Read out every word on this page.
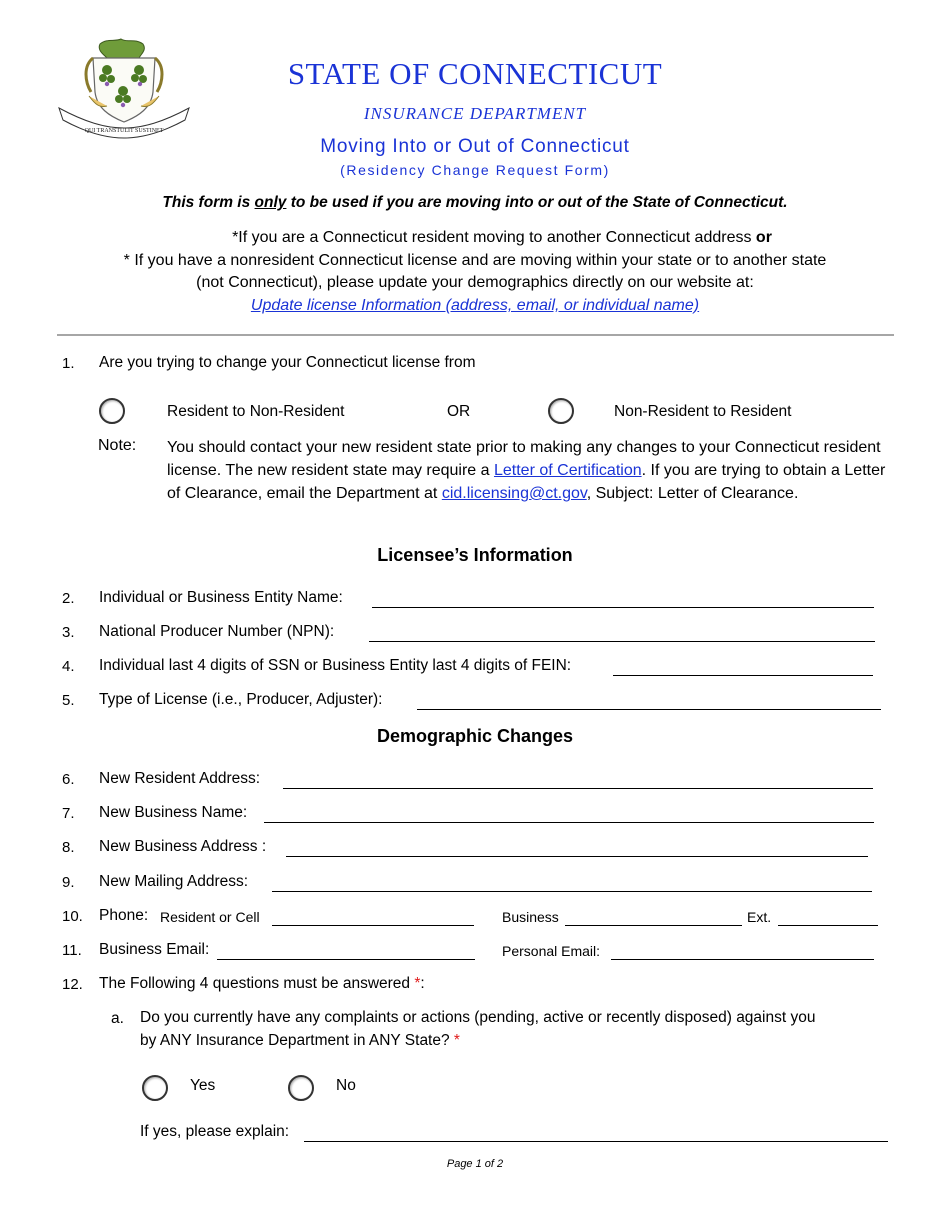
QUI TRANSTULIT SUSTINET
STATE OF CONNECTICUT
INSURANCE DEPARTMENT
Moving Into or Out of Connecticut
(Residency Change Request Form)
This form is only to be used if you are moving into or out of the State of Connecticut.
*If you are a Connecticut resident moving to another Connecticut address or
* If you have a nonresident Connecticut license and are moving within your state or to another state
(not Connecticut), please update your demographics directly on our website at:
Update license Information (address, email, or individual name)
1. Are you trying to change your Connecticut license from
Resident to Non-Resident	OR	Non-Resident to Resident
Note: You should contact your new resident state prior to making any changes to your Connecticut resident license. The new resident state may require a Letter of Certification. If you are trying to obtain a Letter of Clearance, email the Department at cid.licensing@ct.gov, Subject: Letter of Clearance.
Licensee’s Information
2. Individual or Business Entity Name:
3. National Producer Number (NPN):
4. Individual last 4 digits of SSN or Business Entity last 4 digits of FEIN:
5. Type of License (i.e., Producer, Adjuster):
Demographic Changes
6. New Resident Address:
7. New Business Name:
8. New Business Address :
9. New Mailing Address:
10. Phone: Resident or Cell	Business	Ext.
11. Business Email:	Personal Email:
12. The Following 4 questions must be answered *:
a. Do you currently have any complaints or actions (pending, active or recently disposed) against you
by ANY Insurance Department in ANY State? *
Yes	No
If yes, please explain:
Page 1 of 2
